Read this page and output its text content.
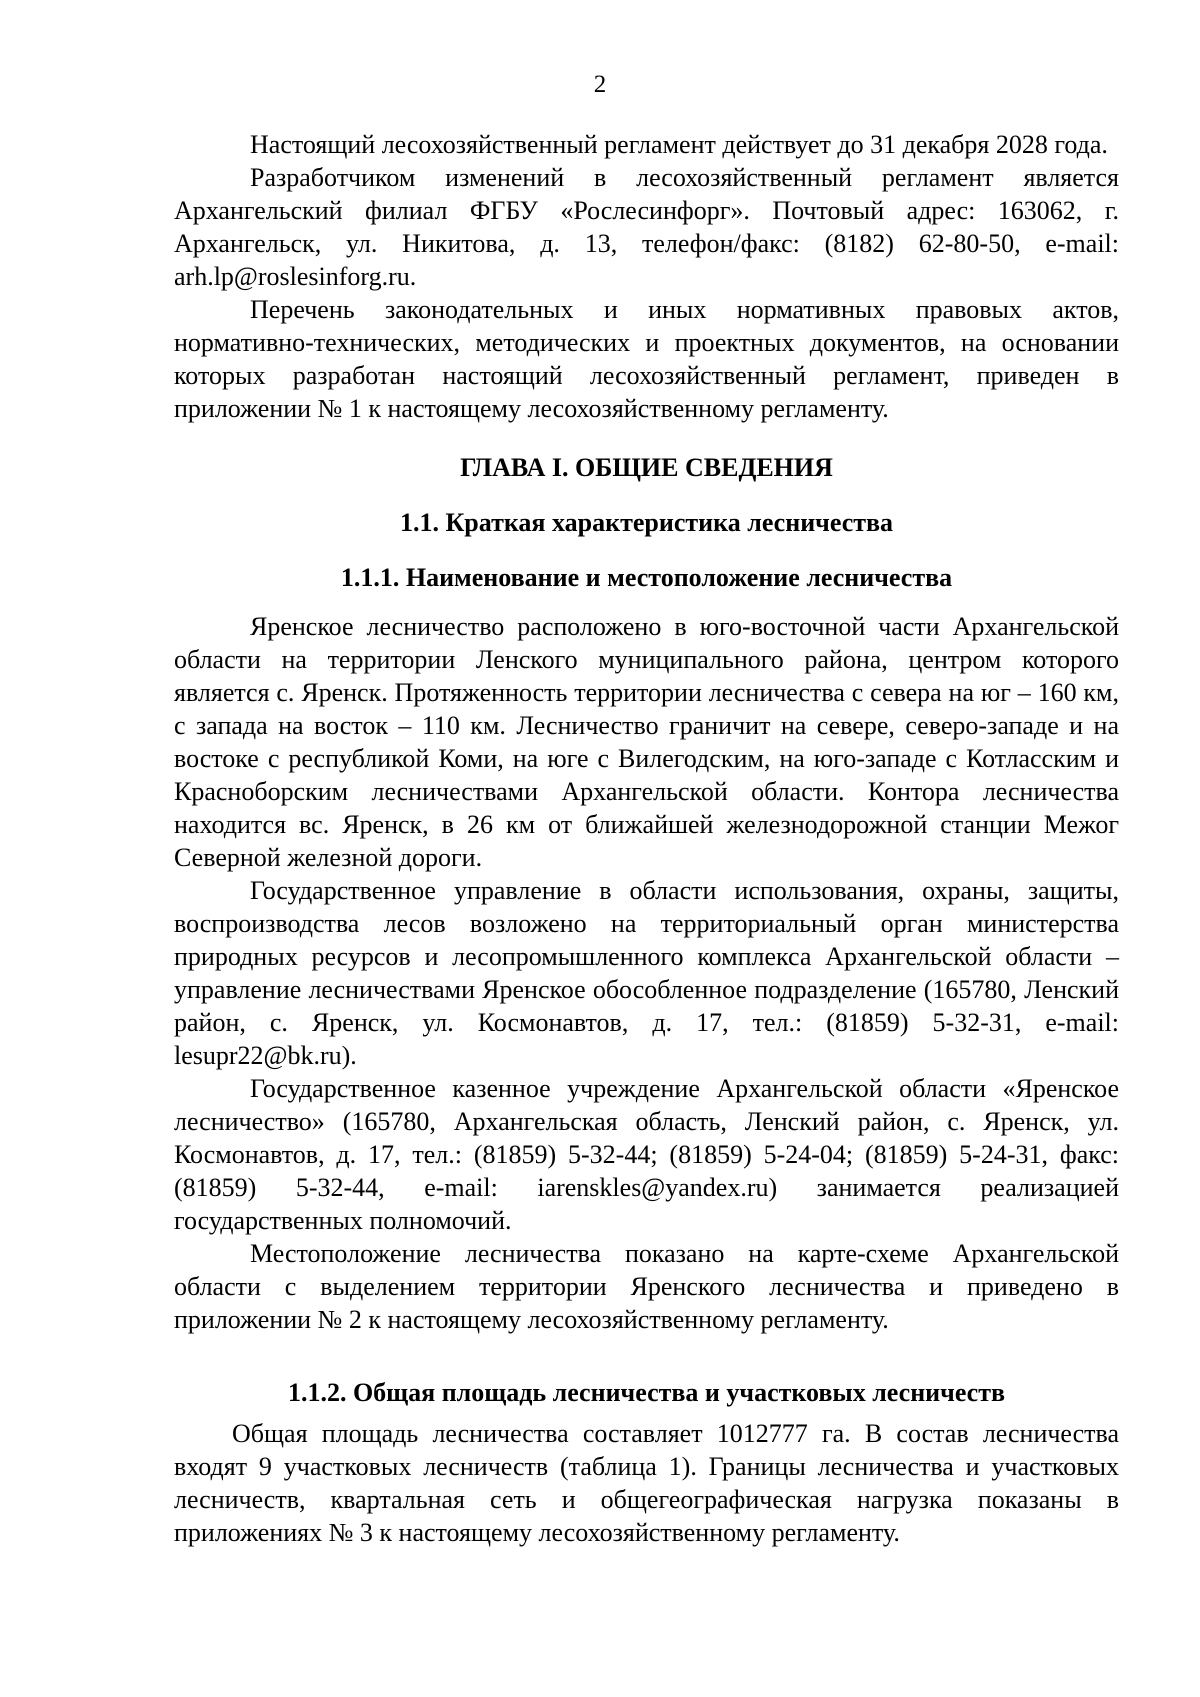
2

Настоящий лесохозяйственный регламент действует до 31 декабря 2028 года.

Разработчиком изменений в лесохозяйственный регламент является Архангельский филиал ФГБУ «Рослесинфорг». Почтовый адрес: 163062, г. Архангельск, ул. Никитова, д. 13, телефон/факс: (8182) 62-80-50, e-mail: arh.lp@roslesinforg.ru.

Перечень законодательных и иных нормативных правовых актов, нормативно-технических, методических и проектных документов, на основании которых разработан настоящий лесохозяйственный регламент, приведен в приложении № 1 к настоящему лесохозяйственному регламенту.

ГЛАВА I. ОБЩИЕ СВЕДЕНИЯ
1.1. Краткая характеристика лесничества
1.1.1. Наименование и местоположение лесничества

Яренское лесничество расположено в юго-восточной части Архангельской области на территории Ленского муниципального района, центром которого является с. Яренск. Протяженность территории лесничества с севера на юг – 160 км, с запада на восток – 110 км. Лесничество граничит на севере, северо-западе и на востоке с республикой Коми, на юге с Вилегодским, на юго-западе с Котласским и Красноборским лесничествами Архангельской области. Контора лесничества находится вс. Яренск, в 26 км от ближайшей железнодорожной станции Межог Северной железной дороги.

Государственное управление в области использования, охраны, защиты, воспроизводства лесов возложено на территориальный орган министерства природных ресурсов и лесопромышленного комплекса Архангельской области – управление лесничествами Яренское обособленное подразделение (165780, Ленский район, с. Яренск, ул. Космонавтов, д. 17, тел.: (81859) 5-32-31, e-mail: lesupr22@bk.ru).

Государственное казенное учреждение Архангельской области «Яренское лесничество» (165780, Архангельская область, Ленский район, с. Яренск, ул. Космонавтов, д. 17, тел.: (81859) 5-32-44; (81859) 5-24-04; (81859) 5-24-31, факс: (81859) 5-32-44, e-mail: iarenskles@yandex.ru) занимается реализацией государственных полномочий.

Местоположение лесничества показано на карте-схеме Архангельской области с выделением территории Яренского лесничества и приведено в приложении № 2 к настоящему лесохозяйственному регламенту.

1.1.2. Общая площадь лесничества и участковых лесничеств

Общая площадь лесничества составляет 1012777 га. В состав лесничества входят 9 участковых лесничеств (таблица 1). Границы лесничества и участковых лесничеств, квартальная сеть и общегеографическая нагрузка показаны в приложениях № 3 к настоящему лесохозяйственному регламенту.
